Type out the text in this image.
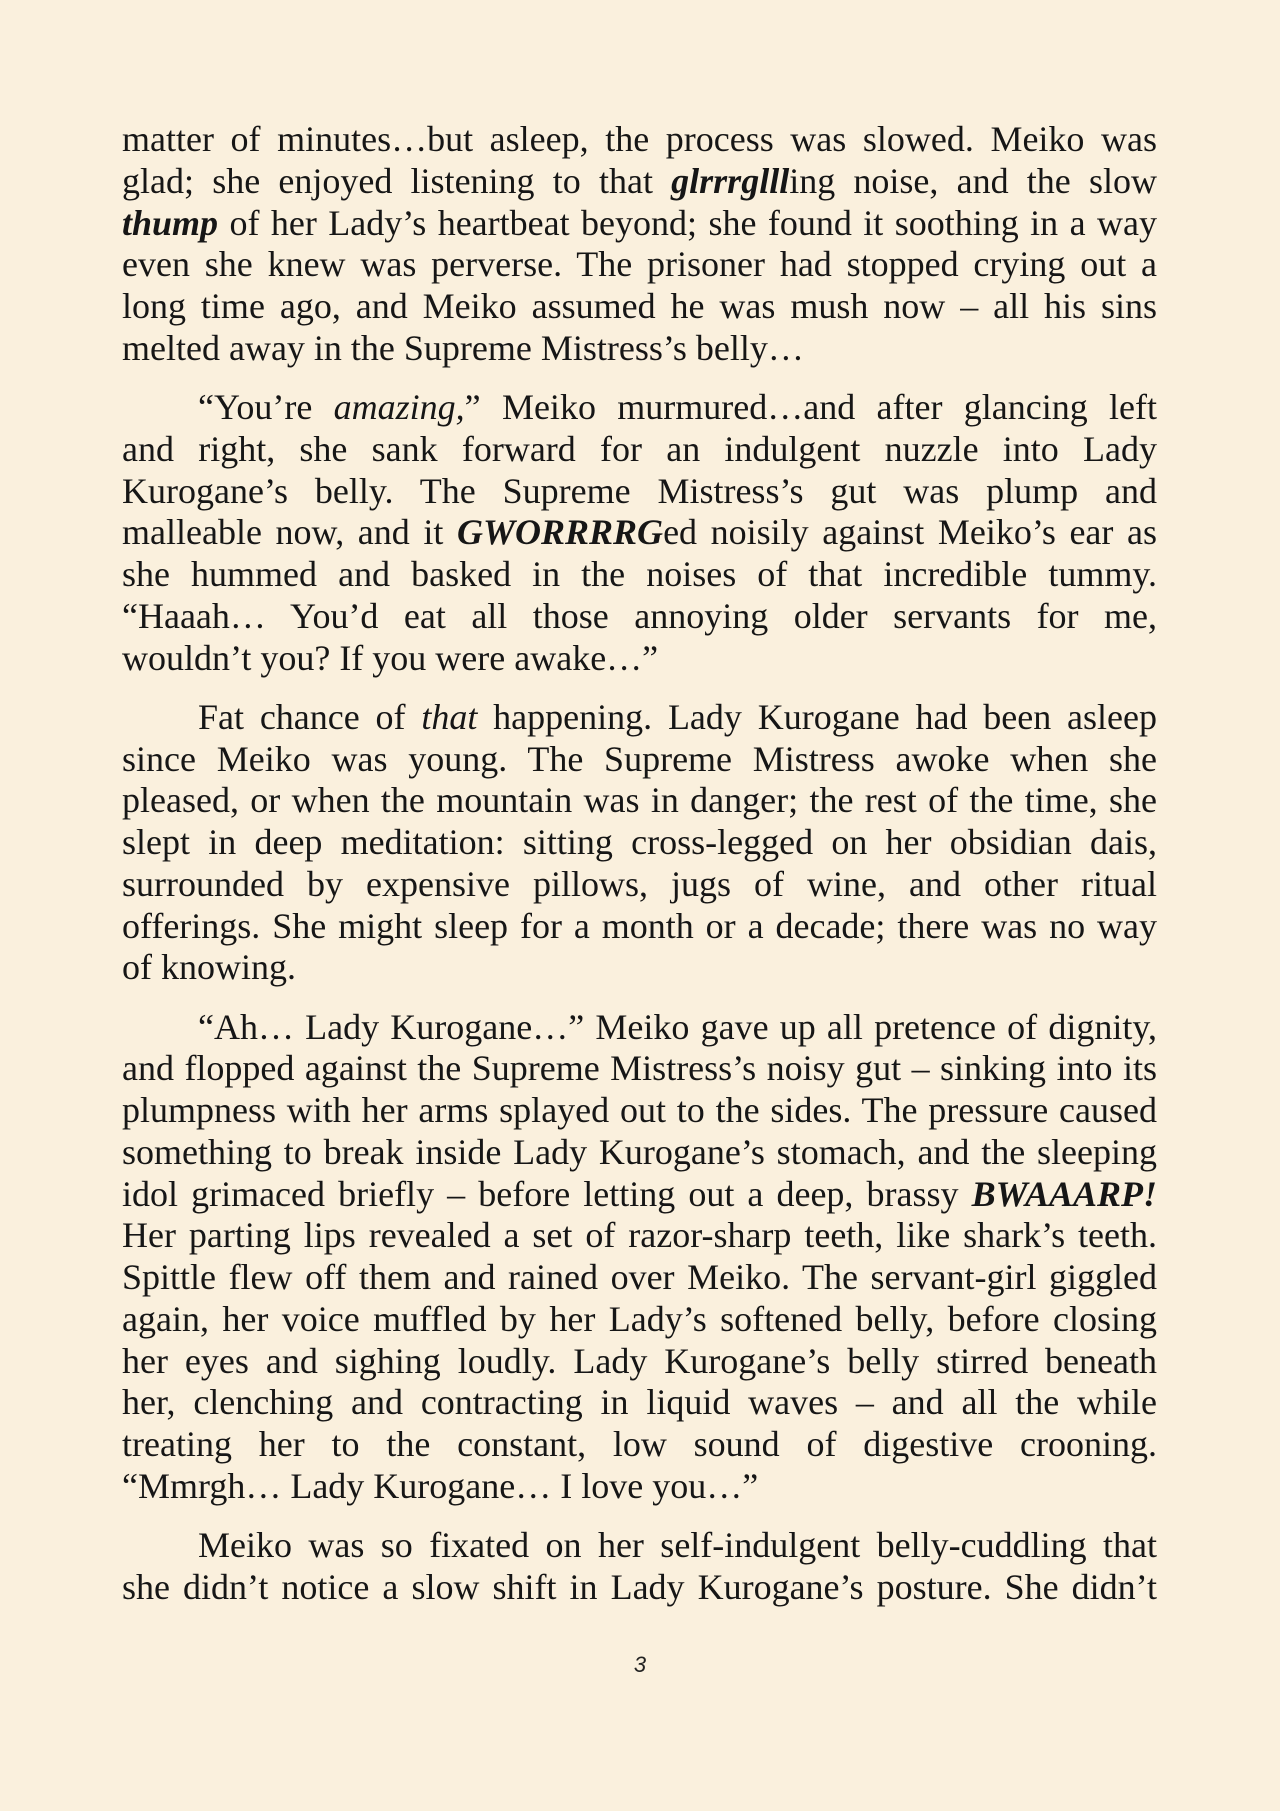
matter of minutes…but asleep, the process was slowed. Meiko was
glad; she enjoyed listening to that glrrrgllling noise, and the slow
thump of her Lady’s heartbeat beyond; she found it soothing in a way
even she knew was perverse. The prisoner had stopped crying out a
long time ago, and Meiko assumed he was mush now – all his sins
melted away in the Supreme Mistress’s belly…
“You’re amazing,” Meiko murmured…and after glancing left
and right, she sank forward for an indulgent nuzzle into Lady
Kurogane’s belly. The Supreme Mistress’s gut was plump and
malleable now, and it GWORRRRGed noisily against Meiko’s ear as
she hummed and basked in the noises of that incredible tummy.
“Haaah… You’d eat all those annoying older servants for me,
wouldn’t you? If you were awake…”
Fat chance of that happening. Lady Kurogane had been asleep
since Meiko was young. The Supreme Mistress awoke when she
pleased, or when the mountain was in danger; the rest of the time, she
slept in deep meditation: sitting cross-legged on her obsidian dais,
surrounded by expensive pillows, jugs of wine, and other ritual
offerings. She might sleep for a month or a decade; there was no way
of knowing.
“Ah… Lady Kurogane…” Meiko gave up all pretence of dignity,
and flopped against the Supreme Mistress’s noisy gut – sinking into its
plumpness with her arms splayed out to the sides. The pressure caused
something to break inside Lady Kurogane’s stomach, and the sleeping
idol grimaced briefly – before letting out a deep, brassy BWAAARP!
Her parting lips revealed a set of razor-sharp teeth, like shark’s teeth.
Spittle flew off them and rained over Meiko. The servant-girl giggled
again, her voice muffled by her Lady’s softened belly, before closing
her eyes and sighing loudly. Lady Kurogane’s belly stirred beneath
her, clenching and contracting in liquid waves – and all the while
treating her to the constant, low sound of digestive crooning.
“Mmrgh… Lady Kurogane… I love you…”
Meiko was so fixated on her self-indulgent belly-cuddling that
she didn’t notice a slow shift in Lady Kurogane’s posture. She didn’t
3
